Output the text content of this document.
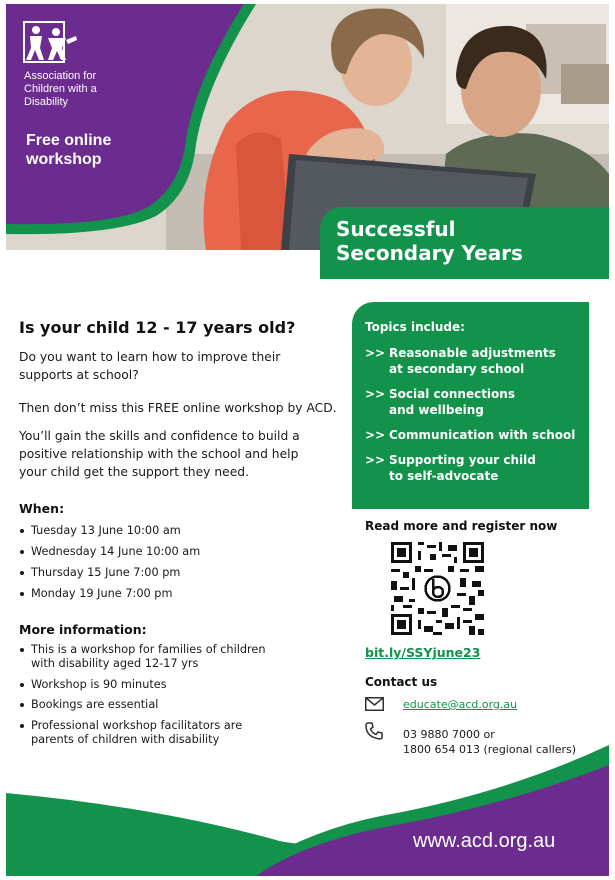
Association for
Children with a
Disability
Free online
workshop
Successful
Secondary Years
Is your child 12 - 17 years old?
Do you want to learn how to improve their
supports at school?
Then don’t miss this FREE online workshop by ACD.
You’ll gain the skills and confidence to build a
positive relationship with the school and help
your child get the support they need.
When:
Tuesday 13 June 10:00 am
Wednesday 14 June 10:00 am
Thursday 15 June 7:00 pm
Monday 19 June 7:00 pm
More information:
This is a workshop for families of children
with disability aged 12-17 yrs
Workshop is 90 minutes
Bookings are essential
Professional workshop facilitators are
parents of children with disability
Topics include:
>> Reasonable adjustments
at secondary school
>> Social connections
and wellbeing
>> Communication with school
>> Supporting your child
to self-advocate
Read more and register now
bit.ly/SSYjune23
Contact us
educate@acd.org.au
03 9880 7000 or
1800 654 013 (regional callers)
www.acd.org.au
